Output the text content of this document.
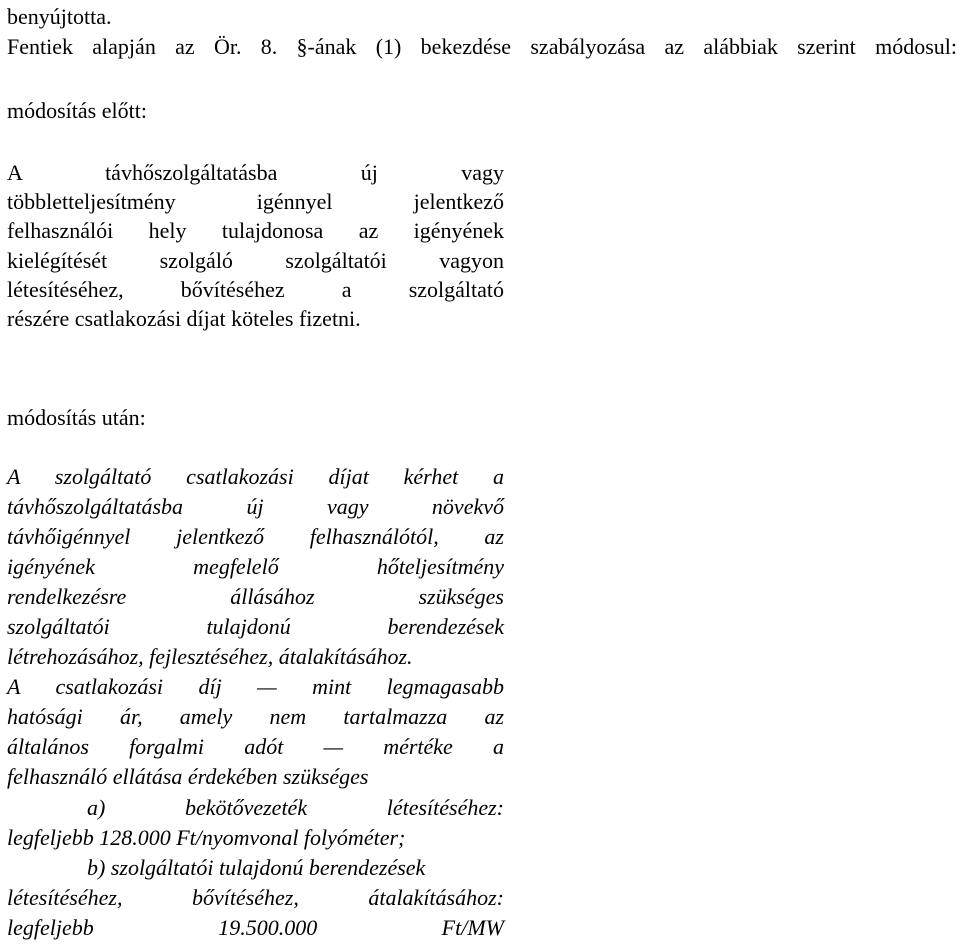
benyújtotta.
Fentiek alapján az Ör. 8. §-ának (1) bekezdése szabályozása az alábbiak szerint módosul:
módosítás előtt:
A távhőszolgáltatásba új vagy
többletteljesítmény igénnyel jelentkező
felhasználói hely tulajdonosa az igényének
kielégítését szolgáló szolgáltatói vagyon
létesítéséhez, bővítéséhez a szolgáltató
részére csatlakozási díjat köteles fizetni.
módosítás után:
A szolgáltató csatlakozási díjat kérhet a
távhőszolgáltatásba új vagy növekvő
távhőigénnyel jelentkező felhasználótól, az
igényének megfelelő hőteljesítmény
rendelkezésre állásához szükséges
szolgáltatói tulajdonú berendezések
létrehozásához, fejlesztéséhez, átalakításához.
A csatlakozási díj — mint legmagasabb
hatósági ár, amely nem tartalmazza az
általános forgalmi adót — mértéke a
felhasználó ellátása érdekében szükséges
a) bekötővezeték létesítéséhez:
legfeljebb 128.000 Ft/nyomvonal folyóméter;
b) szolgáltatói tulajdonú berendezések
létesítéséhez, bővítéséhez, átalakításához:
legfeljebb 19.500.000 Ft/MW
